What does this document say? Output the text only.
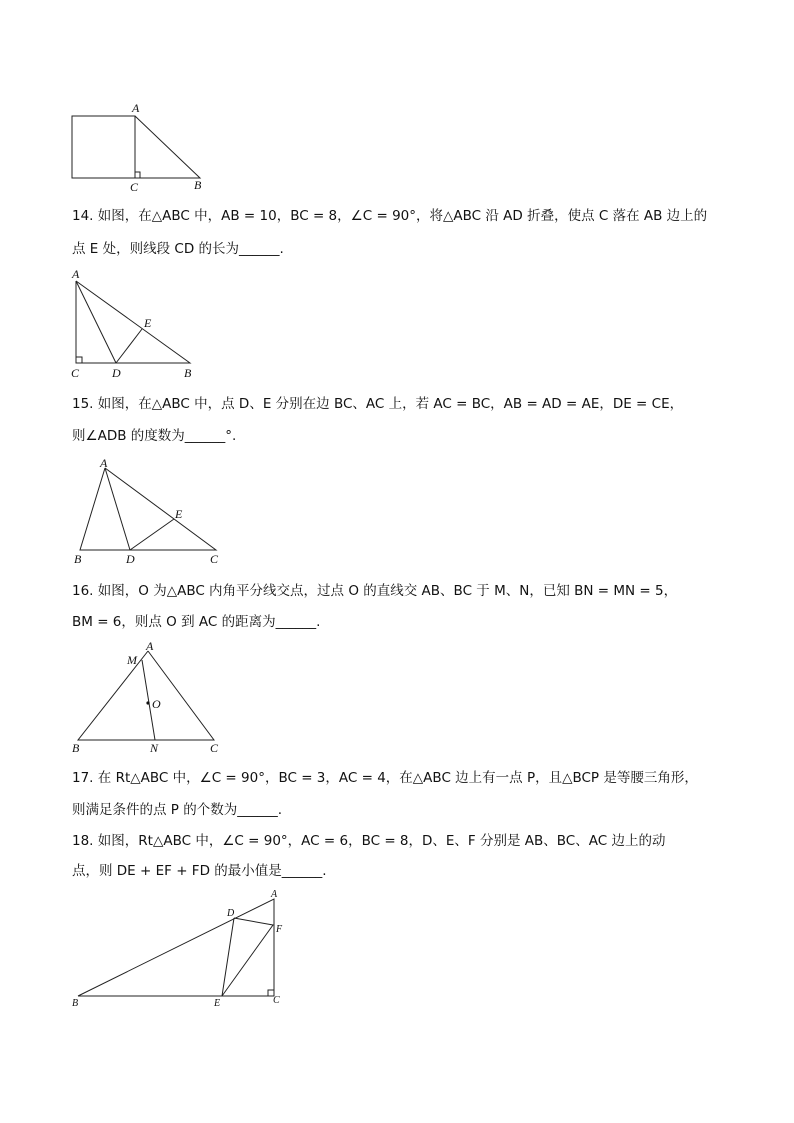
A
C	B
14. 如图，在△ABC 中，AB = 10，BC = 8，∠C = 90°，将△ABC 沿 AD 折叠，使点 C 落在 AB 边上的
点 E 处，则线段 CD 的长为______.
A
E
C	D	B
15. 如图，在△ABC 中，点 D、E 分别在边 BC、AC 上，若 AC = BC，AB = AD = AE，DE = CE，
则∠ADB 的度数为______°.
A
E
B	D	C
16. 如图，O 为△ABC 内角平分线交点，过点 O 的直线交 AB、BC 于 M、N，已知 BN = MN = 5，
BM = 6，则点 O 到 AC 的距离为______.
A
M
O
B	N	C
17. 在 Rt△ABC 中，∠C = 90°，BC = 3，AC = 4，在△ABC 边上有一点 P，且△BCP 是等腰三角形，
则满足条件的点 P 的个数为______.
18. 如图，Rt△ABC 中，∠C = 90°，AC = 6，BC = 8，D、E、F 分别是 AB、BC、AC 边上的动
点，则 DE + EF + FD 的最小值是______.
A
D
F
B	E	C
